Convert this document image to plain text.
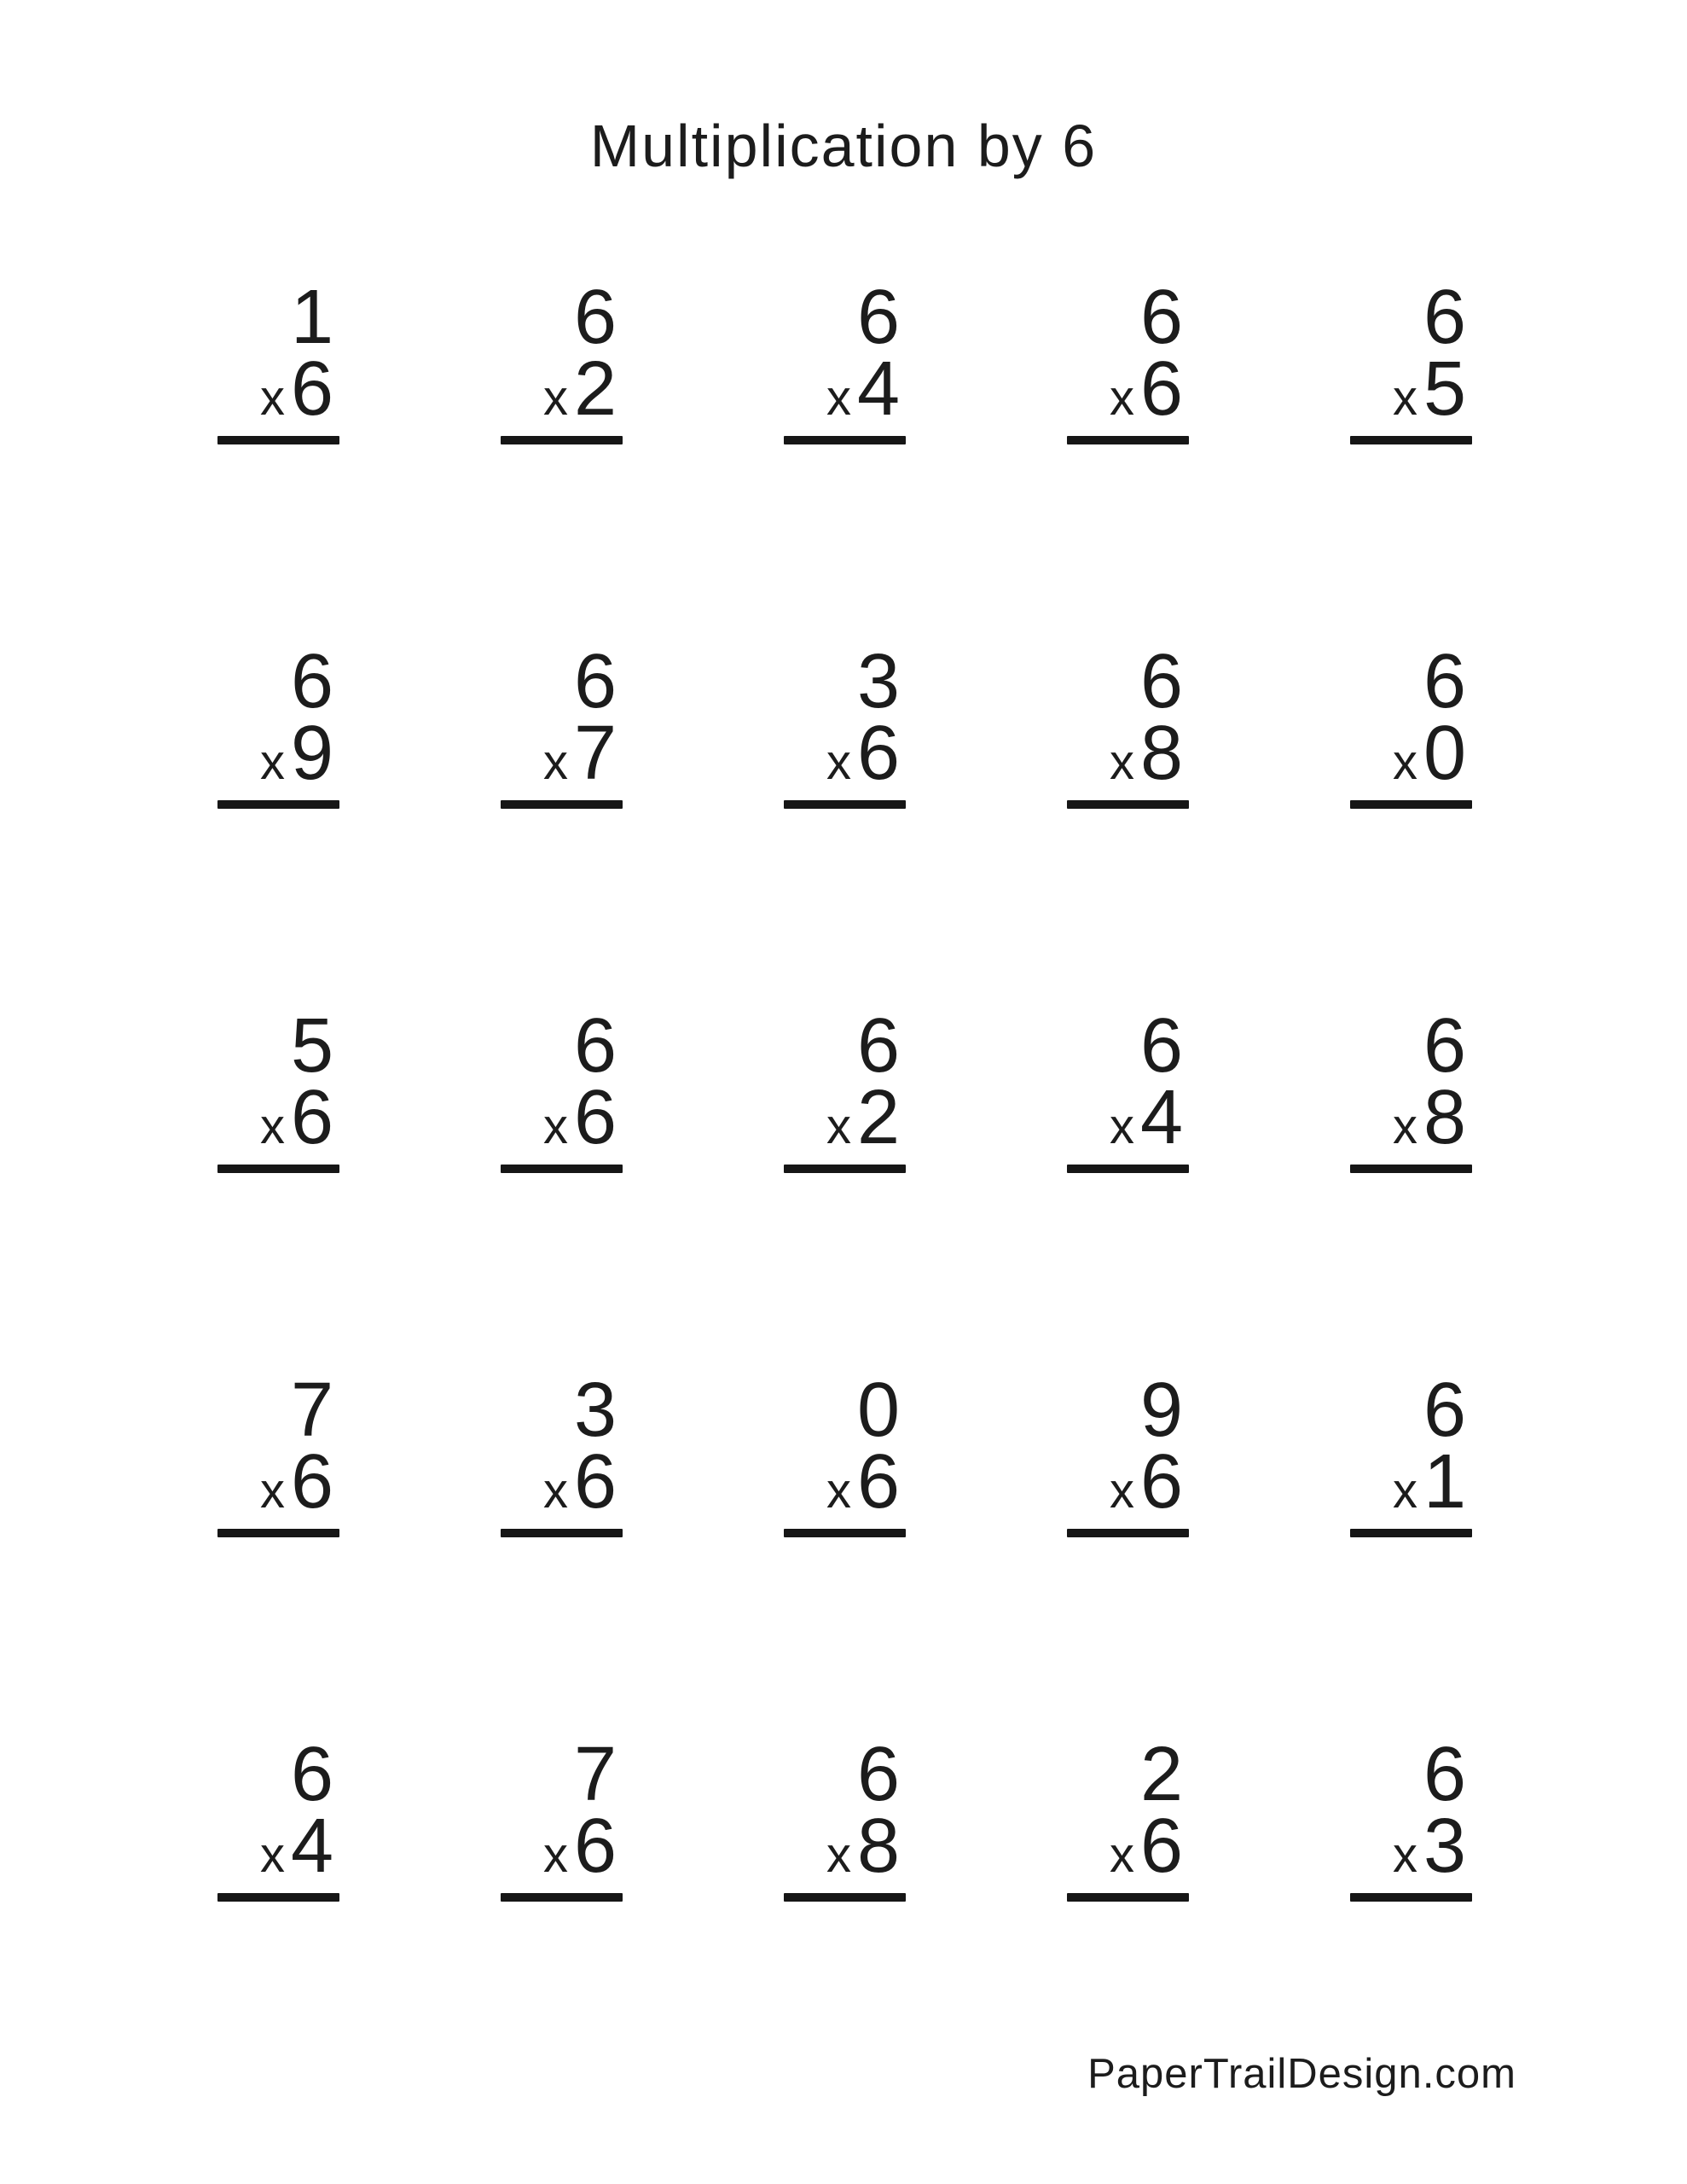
Multiplication by 6
1
x 6
6
x 2
6
x 4
6
x 6
6
x 5
6
x 9
6
x 7
3
x 6
6
x 8
6
x 0
5
x 6
6
x 6
6
x 2
6
x 4
6
x 8
7
x 6
3
x 6
0
x 6
9
x 6
6
x 1
6
x 4
7
x 6
6
x 8
2
x 6
6
x 3
PaperTrailDesign.com
